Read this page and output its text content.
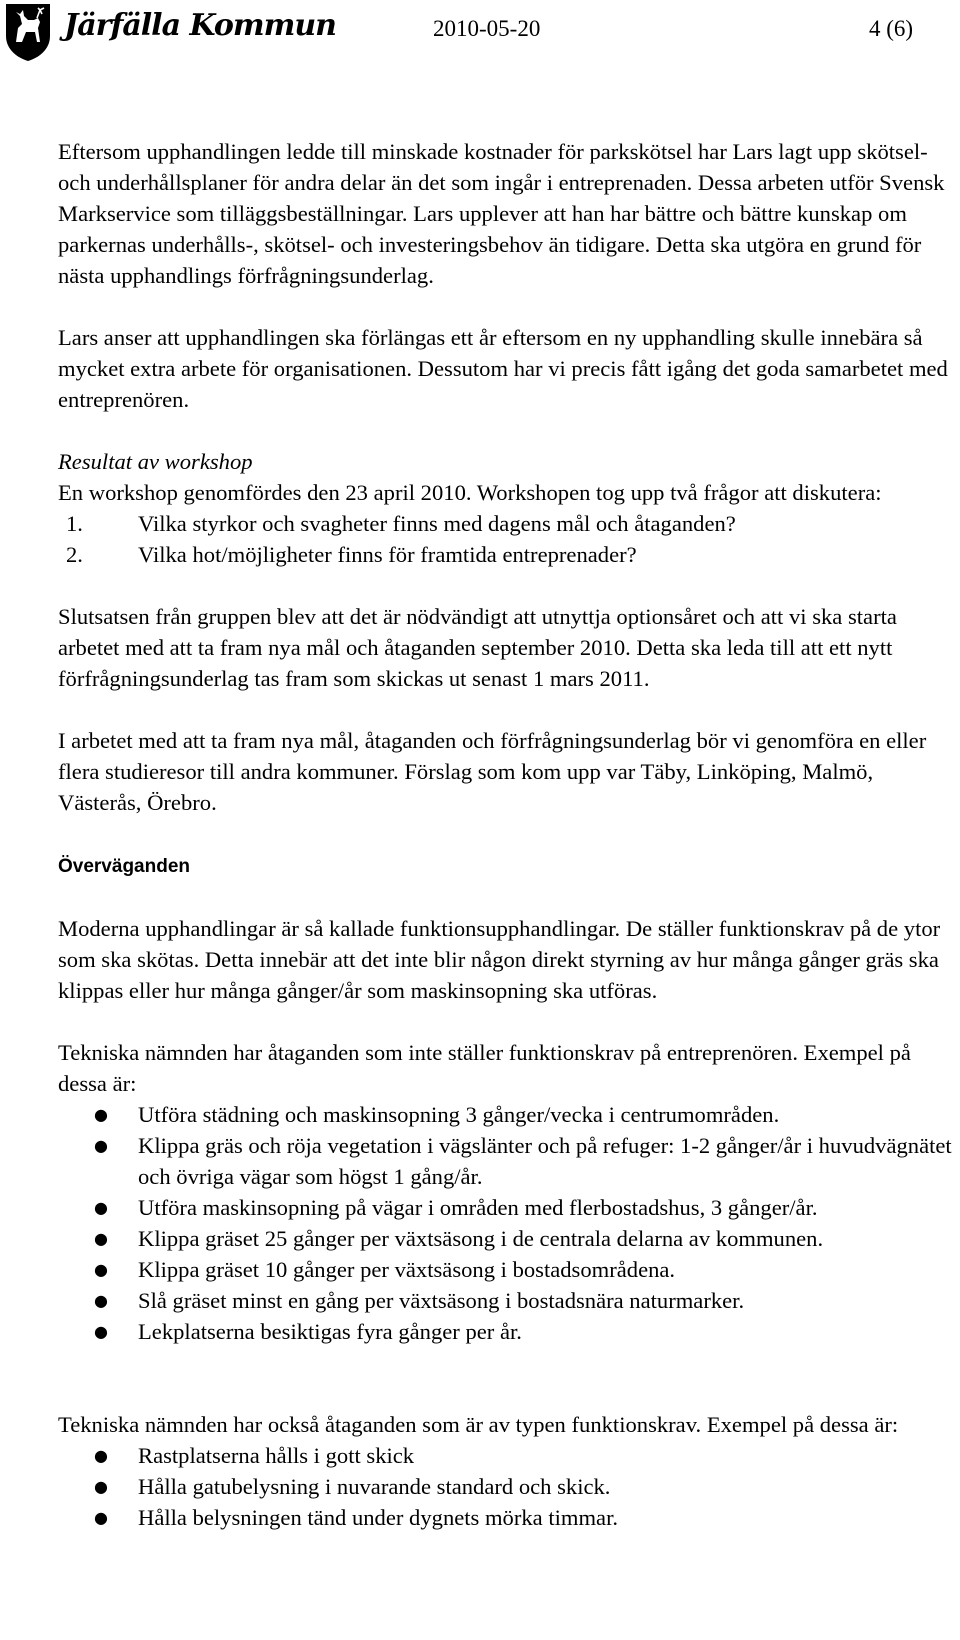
Järfälla Kommun	2010-05-20	4 (6)

Eftersom upphandlingen ledde till minskade kostnader för parkskötsel har Lars lagt upp skötsel- och underhållsplaner för andra delar än det som ingår i entreprenaden. Dessa arbeten utför Svensk Markservice som tilläggsbeställningar. Lars upplever att han har bättre och bättre kunskap om parkernas underhålls-, skötsel- och investeringsbehov än tidigare. Detta ska utgöra en grund för nästa upphandlings förfrågningsunderlag.

Lars anser att upphandlingen ska förlängas ett år eftersom en ny upphandling skulle innebära så mycket extra arbete för organisationen. Dessutom har vi precis fått igång det goda samarbetet med entreprenören.

Resultat av workshop

En workshop genomfördes den 23 april 2010. Workshopen tog upp två frågor att diskutera:

1.	Vilka styrkor och svagheter finns med dagens mål och åtaganden?
2.	Vilka hot/möjligheter finns för framtida entreprenader?

Slutsatsen från gruppen blev att det är nödvändigt att utnyttja optionsåret och att vi ska starta arbetet med att ta fram nya mål och åtaganden september 2010. Detta ska leda till att ett nytt förfrågningsunderlag tas fram som skickas ut senast 1 mars 2011.

I arbetet med att ta fram nya mål, åtaganden och förfrågningsunderlag bör vi genomföra en eller flera studieresor till andra kommuner. Förslag som kom upp var Täby, Linköping, Malmö, Västerås, Örebro.

Överväganden

Moderna upphandlingar är så kallade funktionsupphandlingar. De ställer funktionskrav på de ytor som ska skötas. Detta innebär att det inte blir någon direkt styrning av hur många gånger gräs ska klippas eller hur många gånger/år som maskinsopning ska utföras.

Tekniska nämnden har åtaganden som inte ställer funktionskrav på entreprenören. Exempel på dessa är:

●	Utföra städning och maskinsopning 3 gånger/vecka i centrumområden.
●	Klippa gräs och röja vegetation i vägslänter och på refuger: 1-2 gånger/år i huvudvägnätet och övriga vägar som högst 1 gång/år.
●	Utföra maskinsopning på vägar i områden med flerbostadshus, 3 gånger/år.
●	Klippa gräset 25 gånger per växtsäsong i de centrala delarna av kommunen.
●	Klippa gräset 10 gånger per växtsäsong i bostadsområdena.
●	Slå gräset minst en gång per växtsäsong i bostadsnära naturmarker.
●	Lekplatserna besiktigas fyra gånger per år.

Tekniska nämnden har också åtaganden som är av typen funktionskrav. Exempel på dessa är:

●	Rastplatserna hålls i gott skick
●	Hålla gatubelysning i nuvarande standard och skick.
●	Hålla belysningen tänd under dygnets mörka timmar.
